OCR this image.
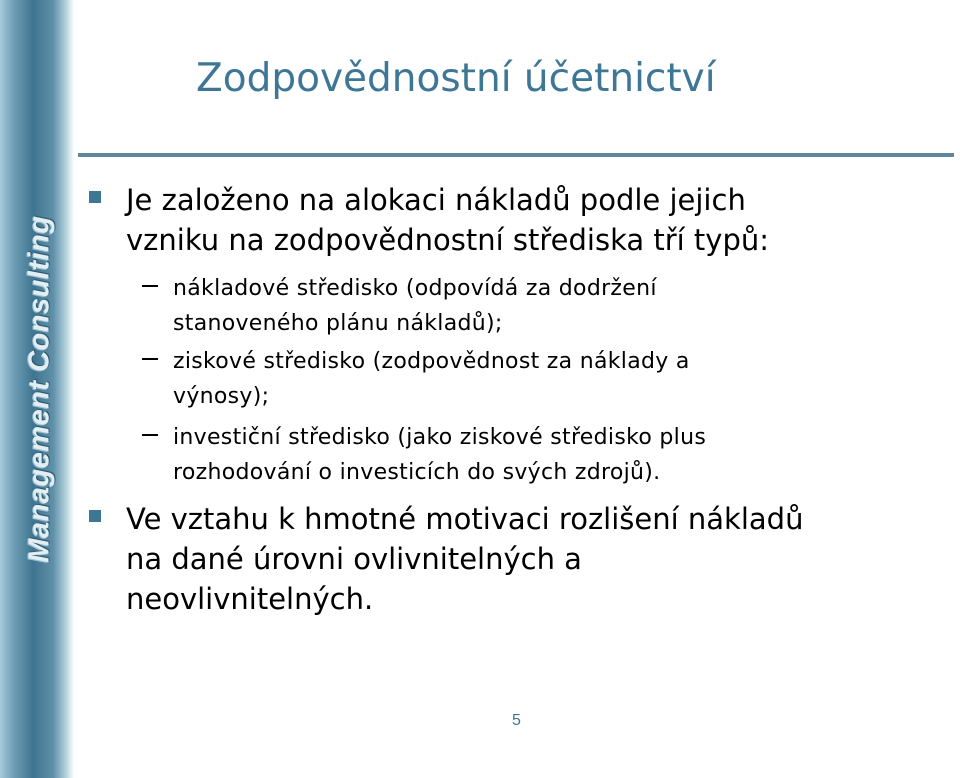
Management Consulting
Zodpovědnostní účetnictví
Je založeno na alokaci nákladů podle jejich
vzniku na zodpovědnostní střediska tří typů:
nákladové středisko (odpovídá za dodržení
stanoveného plánu nákladů);
ziskové středisko (zodpovědnost za náklady a
výnosy);
investiční středisko (jako ziskové středisko plus
rozhodování o investicích do svých zdrojů).
Ve vztahu k hmotné motivaci rozlišení nákladů
na dané úrovni ovlivnitelných a
neovlivnitelných.
5
